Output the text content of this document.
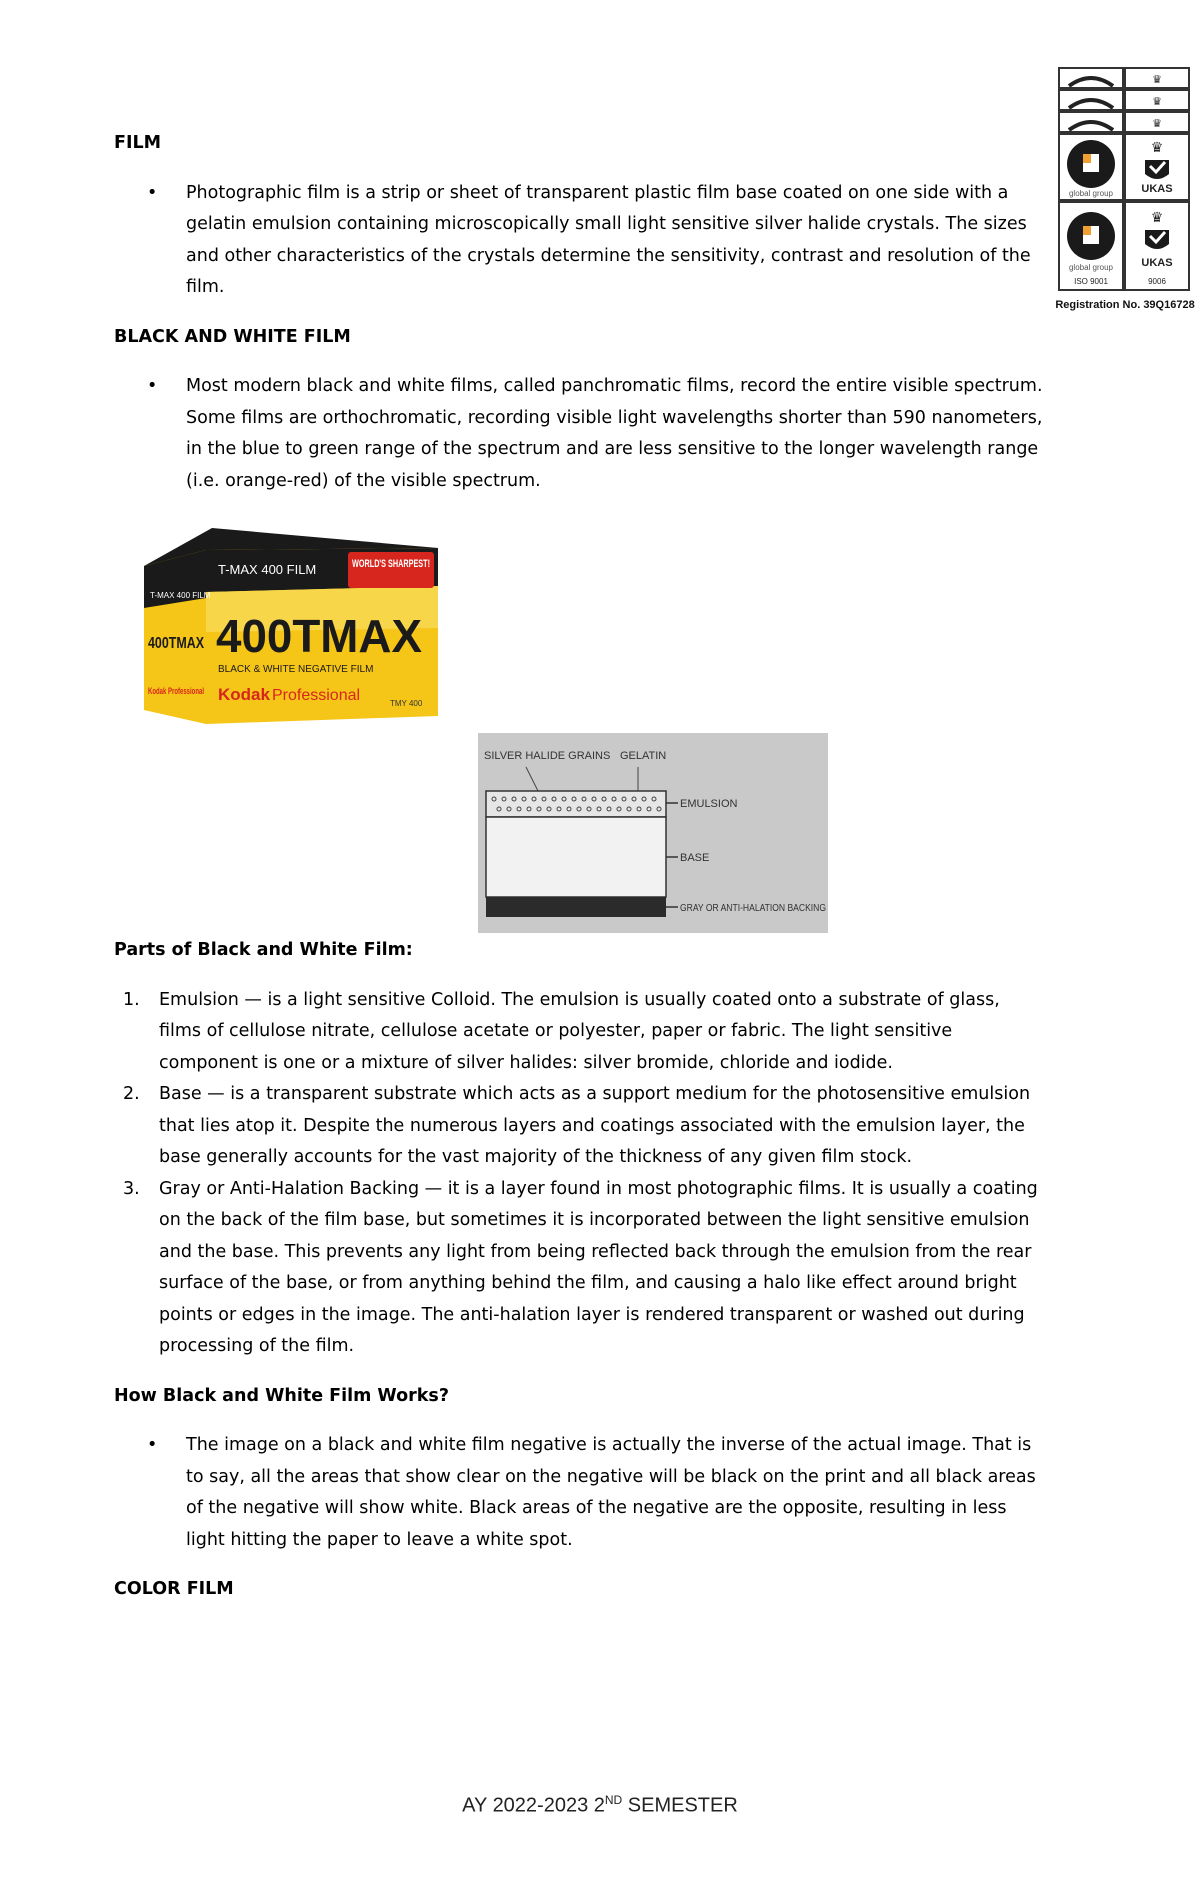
♛
♛
♛
global group
♛
UKAS
global group
ISO 9001
♛
UKAS
9006
Registration No. 39Q16728

FILM

• Photographic film is a strip or sheet of transparent plastic film base coated on one side with a gelatin emulsion containing microscopically small light sensitive silver halide crystals. The sizes and other characteristics of the crystals determine the sensitivity, contrast and resolution of the film.

BLACK AND WHITE FILM

• Most modern black and white films, called panchromatic films, record the entire visible spectrum. Some films are orthochromatic, recording visible light wavelengths shorter than 590 nanometers, in the blue to green range of the spectrum and are less sensitive to the longer wavelength range (i.e. orange-red) of the visible spectrum.

Parts of Black and White Film:

1. Emulsion — is a light sensitive Colloid. The emulsion is usually coated onto a substrate of glass, films of cellulose nitrate, cellulose acetate or polyester, paper or fabric. The light sensitive component is one or a mixture of silver halides: silver bromide, chloride and iodide.
2. Base — is a transparent substrate which acts as a support medium for the photosensitive emulsion that lies atop it. Despite the numerous layers and coatings associated with the emulsion layer, the base generally accounts for the vast majority of the thickness of any given film stock.
3. Gray or Anti-Halation Backing — it is a layer found in most photographic films. It is usually a coating on the back of the film base, but sometimes it is incorporated between the light sensitive emulsion and the base. This prevents any light from being reflected back through the emulsion from the rear surface of the base, or from anything behind the film, and causing a halo like effect around bright points or edges in the image. The anti-halation layer is rendered transparent or washed out during processing of the film.

How Black and White Film Works?

• The image on a black and white film negative is actually the inverse of the actual image. That is to say, all the areas that show clear on the negative will be black on the print and all black areas of the negative will show white. Black areas of the negative are the opposite, resulting in less light hitting the paper to leave a white spot.

COLOR FILM

T-MAX 400 FILM	WORLD'S SHARPEST!
400TMAX
BLACK & WHITE NEGATIVE FILM
Kodak Professional	TMY 400
T-MAX 400 FILM
400TMAX
Kodak Professional
SILVER HALIDE GRAINS GELATIN
EMULSION
BASE
GRAY OR ANTI-HALATION BACKING
AY 2022-2023 2ND SEMESTER
